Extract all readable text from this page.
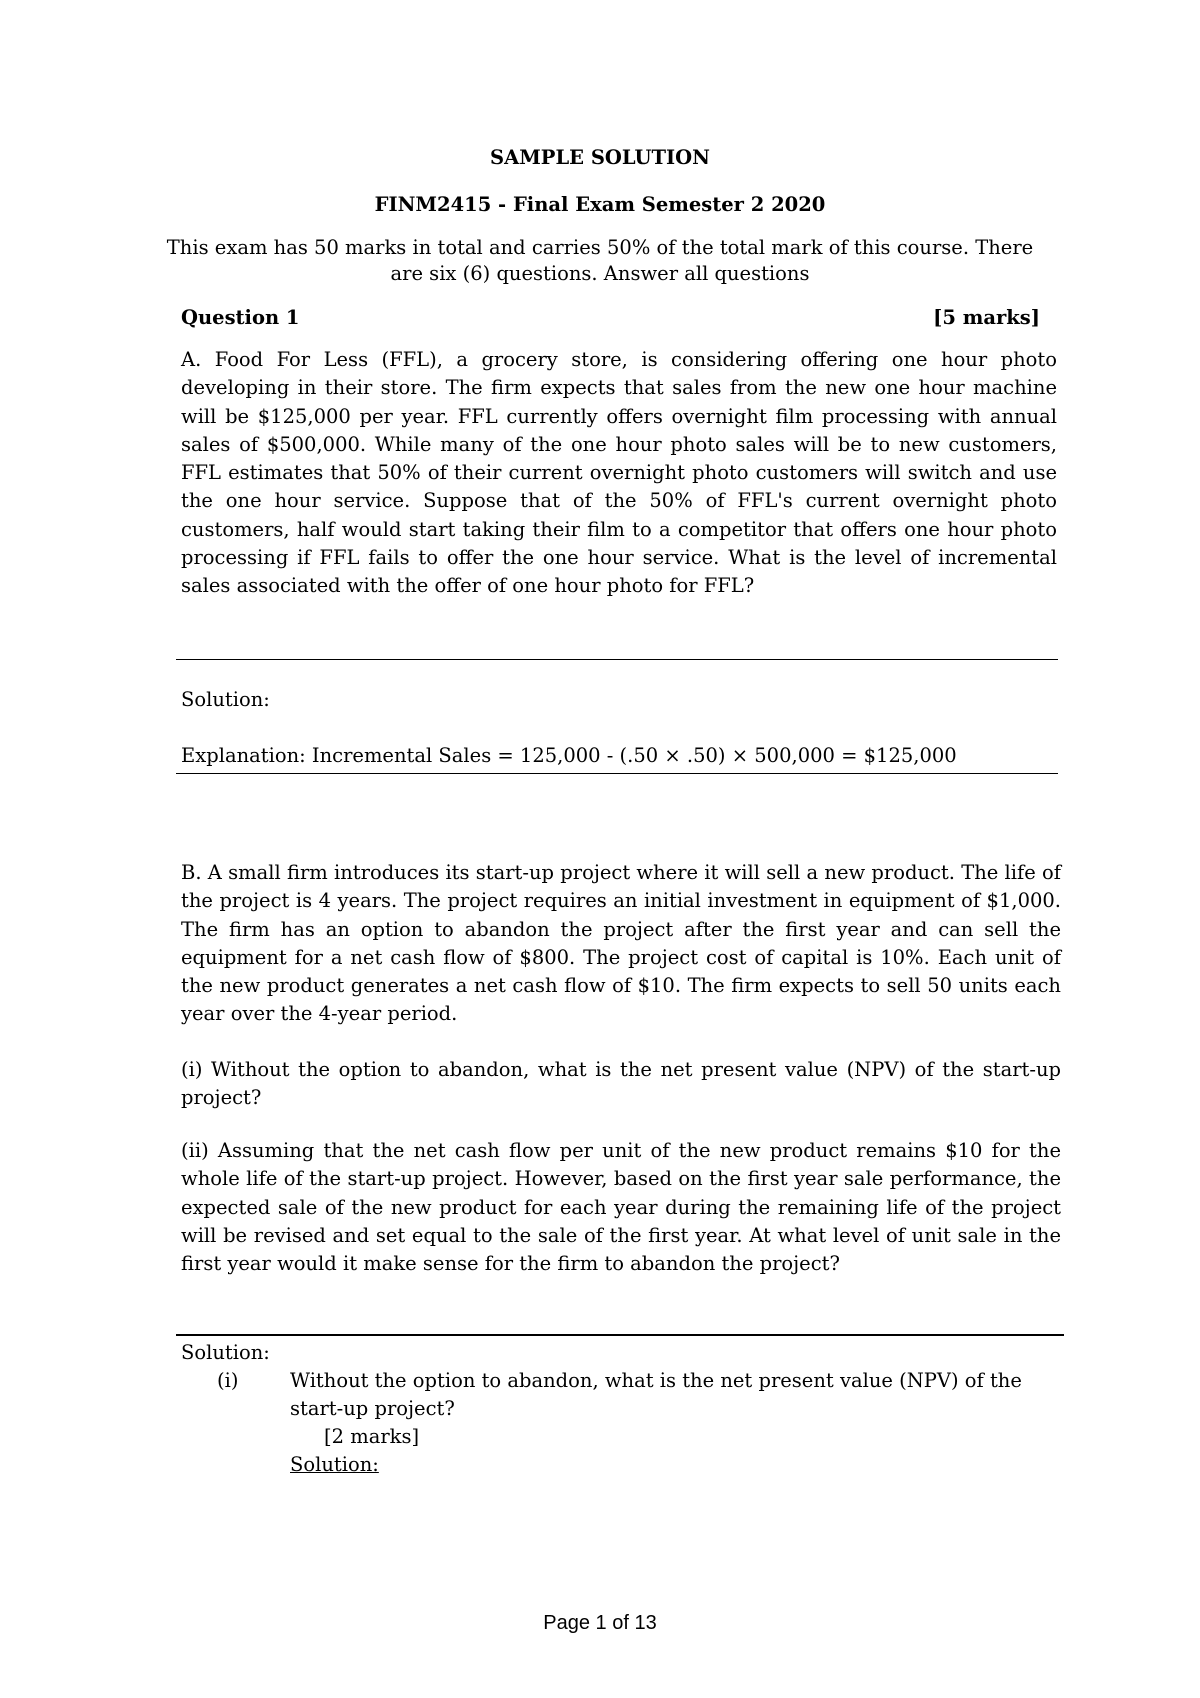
SAMPLE SOLUTION
FINM2415 - Final Exam Semester 2 2020
This exam has 50 marks in total and carries 50% of the total mark of this course. There
are six (6) questions. Answer all questions
Question 1	[5 marks]

A. Food For Less (FFL), a grocery store, is considering offering one hour photo developing in their store. The firm expects that sales from the new one hour machine will be $125,000 per year. FFL currently offers overnight film processing with annual sales of $500,000. While many of the one hour photo sales will be to new customers, FFL estimates that 50% of their current overnight photo customers will switch and use the one hour service. Suppose that of the 50% of FFL's current overnight photo customers, half would start taking their film to a competitor that offers one hour photo processing if FFL fails to offer the one hour service. What is the level of incremental sales associated with the offer of one hour photo for FFL?

Solution:
Explanation: Incremental Sales = 125,000 - (.50 × .50) × 500,000 = $125,000

B. A small firm introduces its start-up project where it will sell a new product. The life of the project is 4 years. The project requires an initial investment in equipment of $1,000. The firm has an option to abandon the project after the first year and can sell the equipment for a net cash flow of $800. The project cost of capital is 10%. Each unit of the new product generates a net cash flow of $10. The firm expects to sell 50 units each year over the 4-year period.

(i) Without the option to abandon, what is the net present value (NPV) of the start-up project?

(ii) Assuming that the net cash flow per unit of the new product remains $10 for the whole life of the start-up project. However, based on the first year sale performance, the expected sale of the new product for each year during the remaining life of the project will be revised and set equal to the sale of the first year. At what level of unit sale in the first year would it make sense for the firm to abandon the project?

Solution:
(i)	Without the option to abandon, what is the net present value (NPV) of the
start-up project?
[2 marks]
Solution:
Page 1 of 13
